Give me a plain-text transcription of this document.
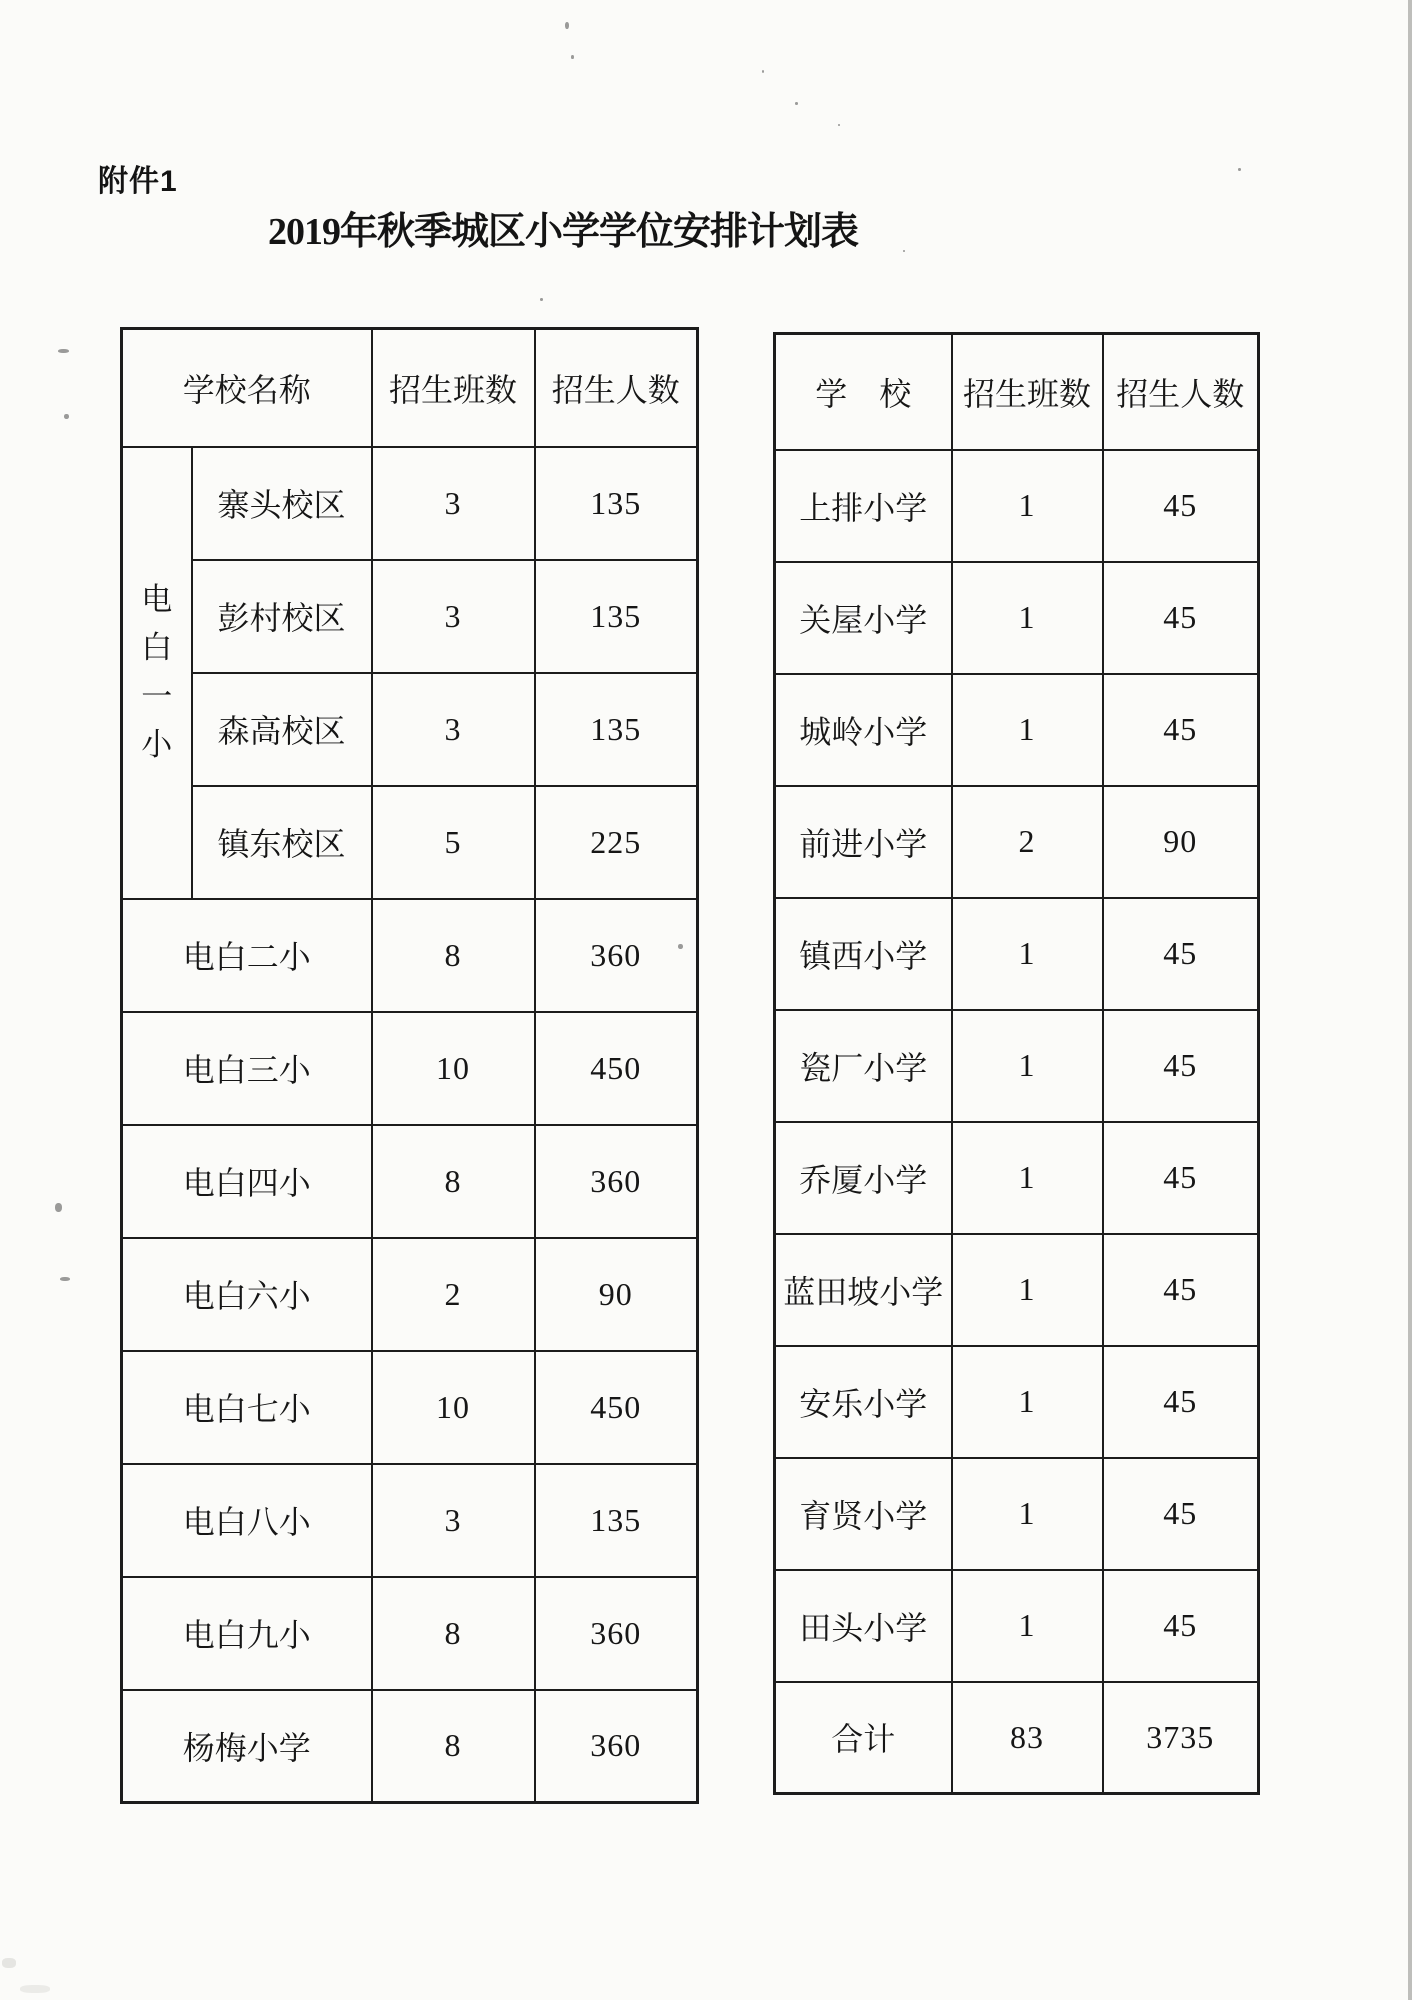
附件1
2019年秋季城区小学学位安排计划表
学校名称		招生班数	招生人数
电白一小	寨头校区	3	135
	彭村校区	3	135
	森高校区	3	135
	镇东校区	5	225
电白二小		8	360
电白三小		10	450
电白四小		8	360
电白六小		2	90
电白七小		10	450
电白八小		3	135
电白九小		8	360
杨梅小学		8	360
学　校	招生班数	招生人数
上排小学	1	45
关屋小学	1	45
城岭小学	1	45
前进小学	2	90
镇西小学	1	45
瓷厂小学	1	45
乔厦小学	1	45
蓝田坡小学	1	45
安乐小学	1	45
育贤小学	1	45
田头小学	1	45
合计	83	3735
